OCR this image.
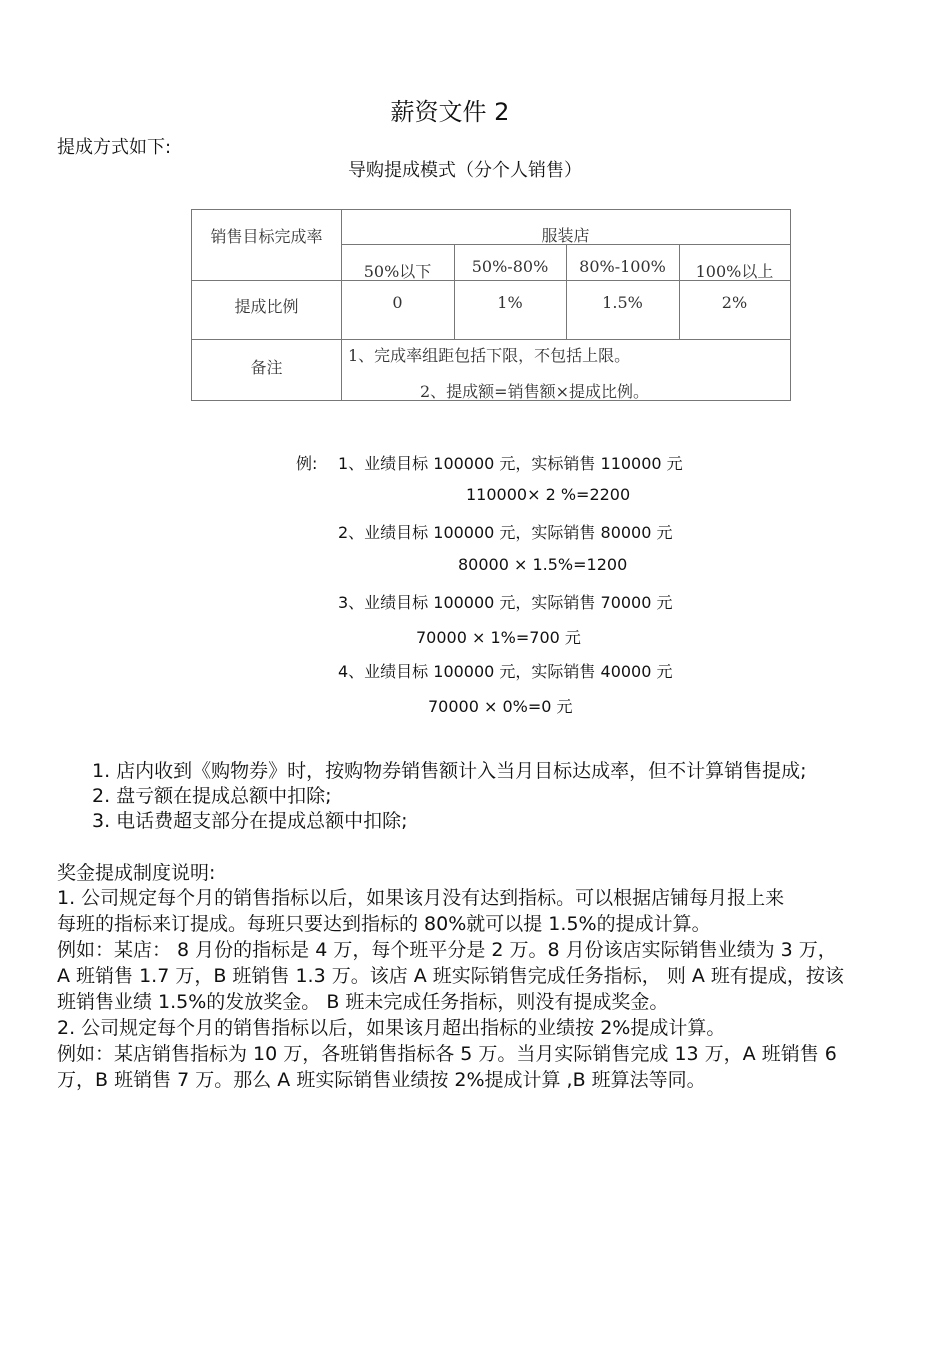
薪资文件 2
提成方式如下:
导购提成模式（分个人销售）
销售目标完成率	服装店
50%以下	50%-80%	80%-100%	100%以上
提成比例	0	1%	1.5%	2%
备注
1、完成率组距包括下限，不包括上限。
2、提成额=销售额×提成比例。
例: 1、业绩目标 100000 元，实标销售 110000 元
110000× 2 %=2200
2、业绩目标 100000 元，实际销售 80000 元
80000 × 1.5%=1200
3、业绩目标 100000 元，实际销售 70000 元
70000 × 1%=700 元
4、业绩目标 100000 元，实际销售 40000 元
70000 × 0%=0 元
1. 店内收到《购物券》时，按购物券销售额计入当月目标达成率，但不计算销售提成;
2. 盘亏额在提成总额中扣除;
3. 电话费超支部分在提成总额中扣除;
奖金提成制度说明:
1. 公司规定每个月的销售指标以后，如果该月没有达到指标。可以根据店铺每月报上来
每班的指标来订提成。每班只要达到指标的 80%就可以提 1.5%的提成计算。
例如：某店： 8 月份的指标是 4 万，每个班平分是 2 万。8 月份该店实际销售业绩为 3 万，
A 班销售 1.7 万，B 班销售 1.3 万。该店 A 班实际销售完成任务指标， 则 A 班有提成，按该
班销售业绩 1.5%的发放奖金。 B 班未完成任务指标，则没有提成奖金。
2. 公司规定每个月的销售指标以后，如果该月超出指标的业绩按 2%提成计算。
例如：某店销售指标为 10 万，各班销售指标各 5 万。当月实际销售完成 13 万，A 班销售 6
万，B 班销售 7 万。那么 A 班实际销售业绩按 2%提成计算 ,B 班算法等同。
